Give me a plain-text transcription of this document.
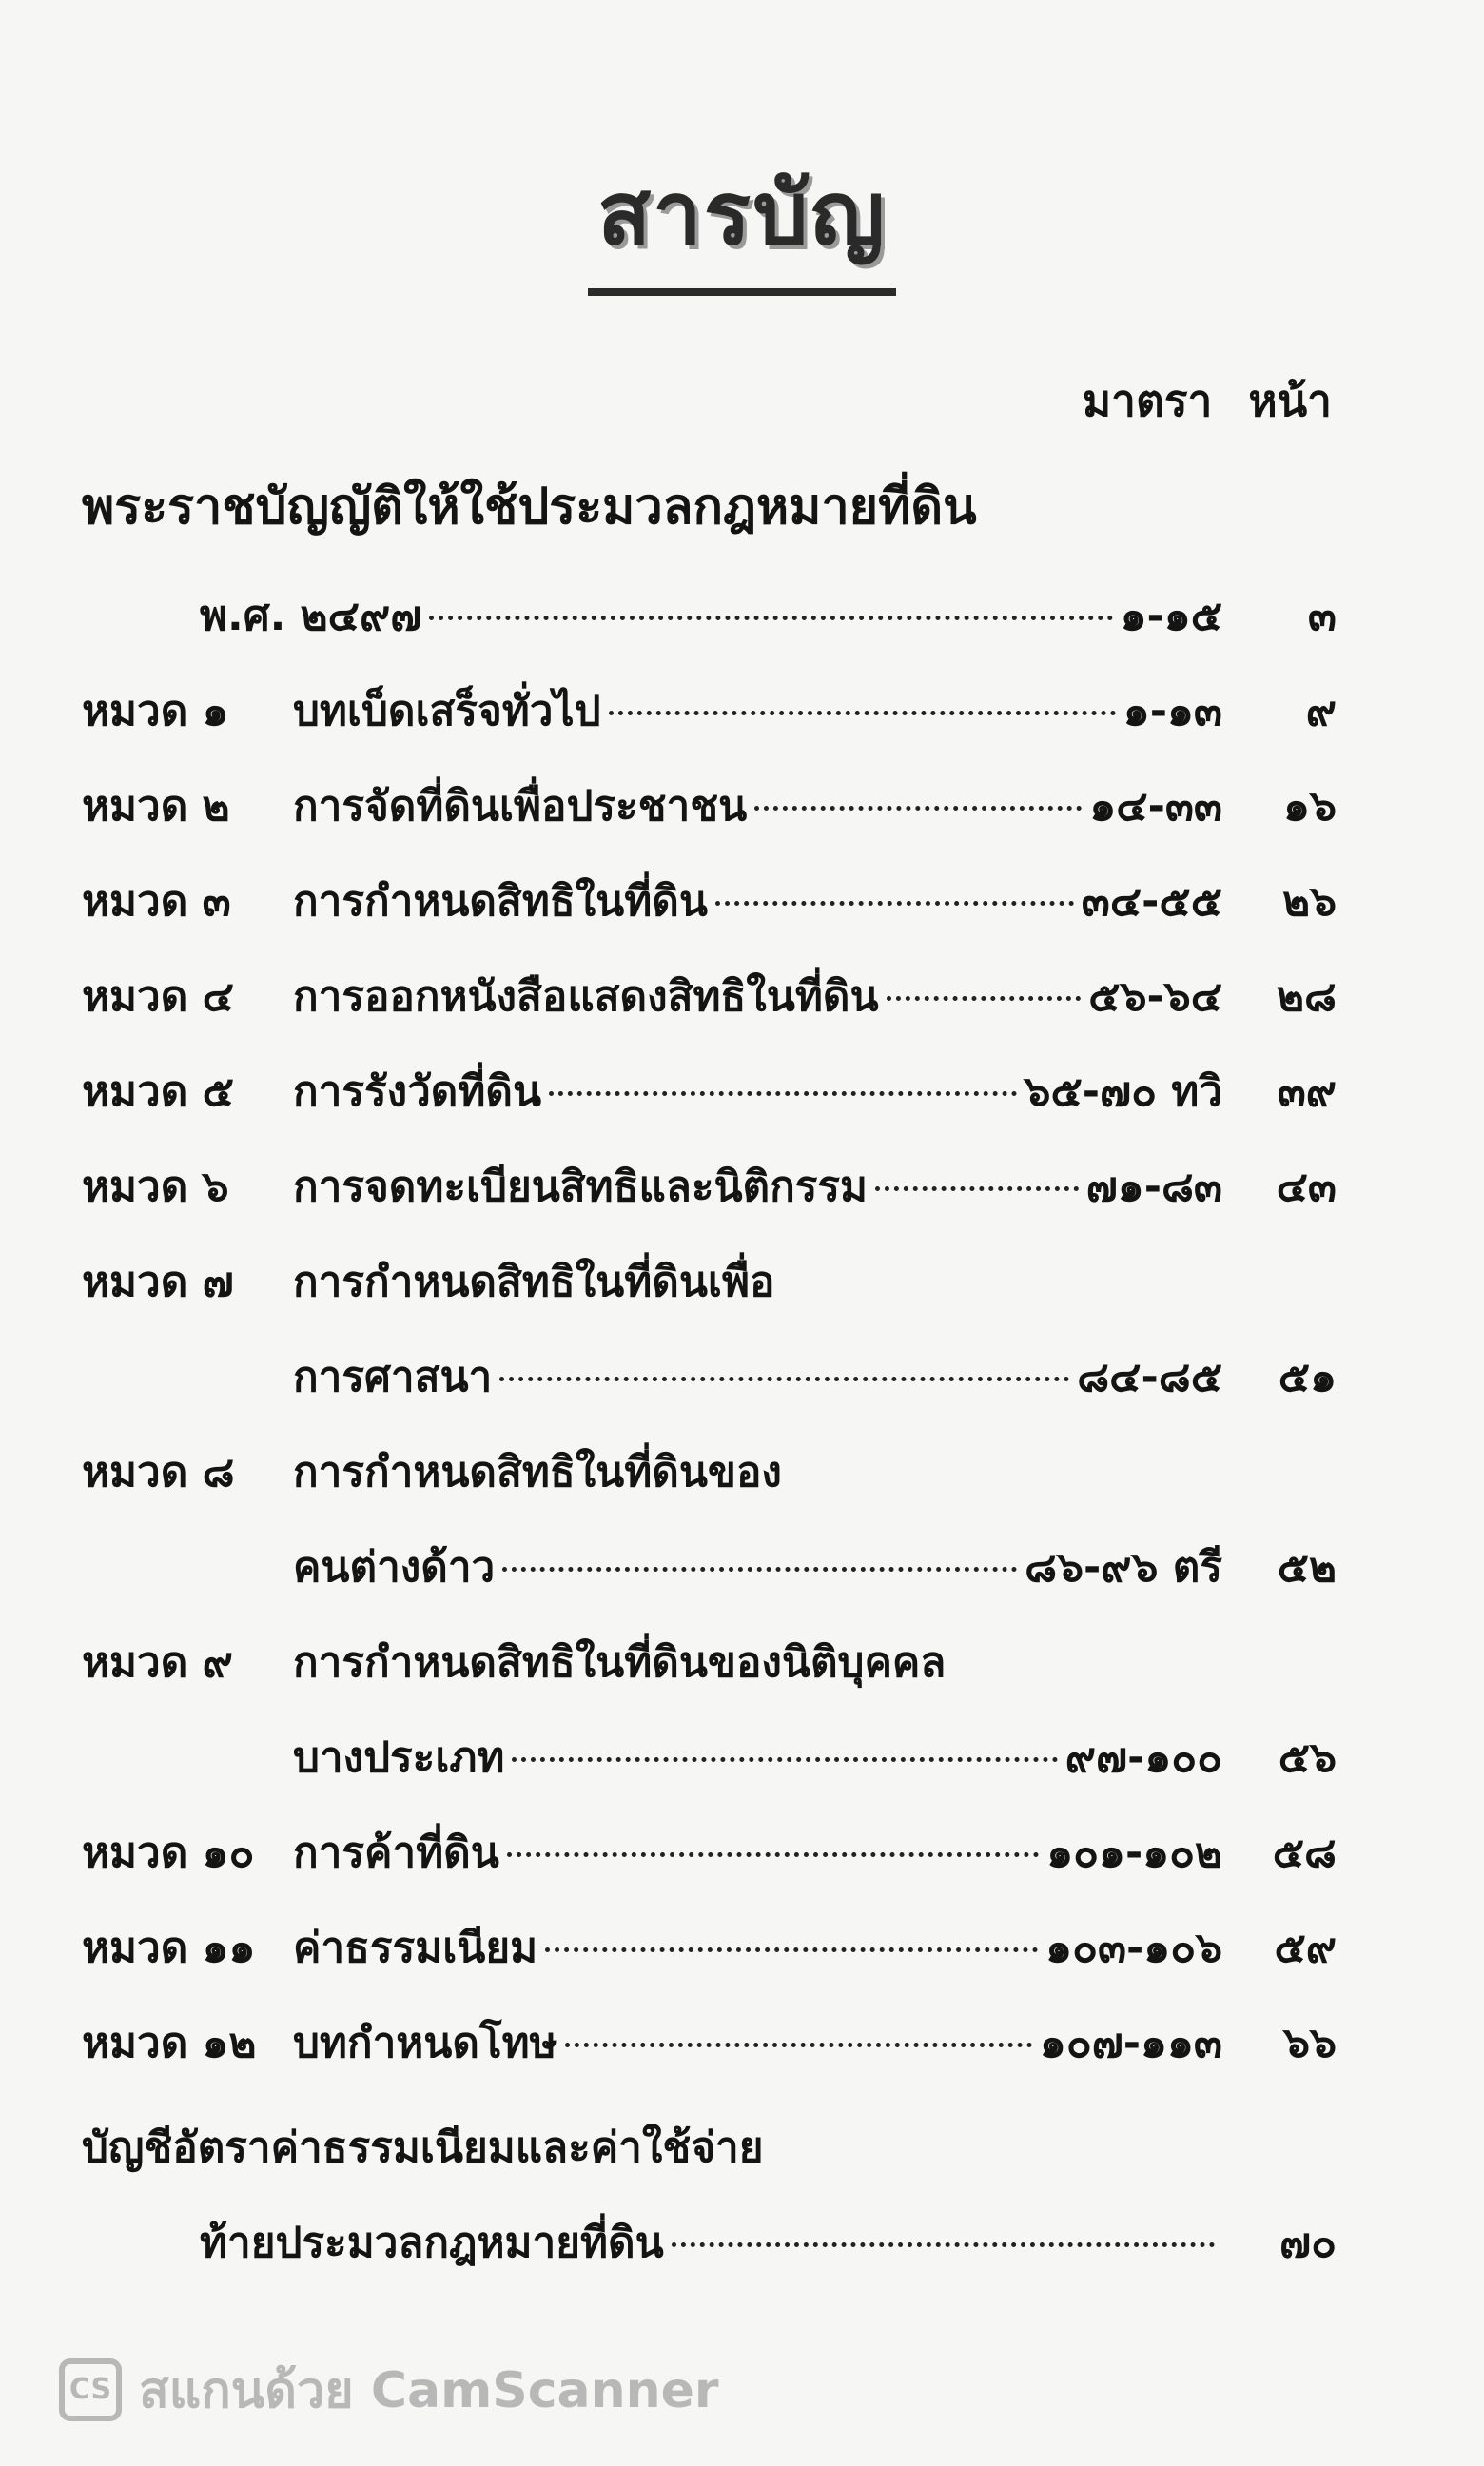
สารบัญ
มาตรา หน้า
พระราชบัญญัติให้ใช้ประมวลกฎหมายที่ดิน
พ.ศ. ๒๔๙๗	๑-๑๕ ๓
หมวด ๑ บทเบ็ดเสร็จทั่วไป	๑-๑๓ ๙
หมวด ๒ การจัดที่ดินเพื่อประชาชน	๑๔-๓๓ ๑๖
หมวด ๓ การกำหนดสิทธิในที่ดิน	๓๔-๕๕ ๒๖
หมวด ๔ การออกหนังสือแสดงสิทธิในที่ดิน	๕๖-๖๔ ๒๘
หมวด ๕ การรังวัดที่ดิน	๖๕-๗๐ ทวิ ๓๙
หมวด ๖ การจดทะเบียนสิทธิและนิติกรรม	๗๑-๘๓ ๔๓
หมวด ๗ การกำหนดสิทธิในที่ดินเพื่อ
การศาสนา	๘๔-๘๕ ๕๑
หมวด ๘ การกำหนดสิทธิในที่ดินของ
คนต่างด้าว	๘๖-๙๖ ตรี ๕๒
หมวด ๙ การกำหนดสิทธิในที่ดินของนิติบุคคล
บางประเภท	๙๗-๑๐๐ ๕๖
หมวด ๑๐ การค้าที่ดิน	๑๐๑-๑๐๒ ๕๘
หมวด ๑๑ ค่าธรรมเนียม	๑๐๓-๑๐๖ ๕๙
หมวด ๑๒ บทกำหนดโทษ	๑๐๗-๑๑๓ ๖๖
บัญชีอัตราค่าธรรมเนียมและค่าใช้จ่าย
ท้ายประมวลกฎหมายที่ดิน	๗๐
CS สแกนด้วย CamScanner
